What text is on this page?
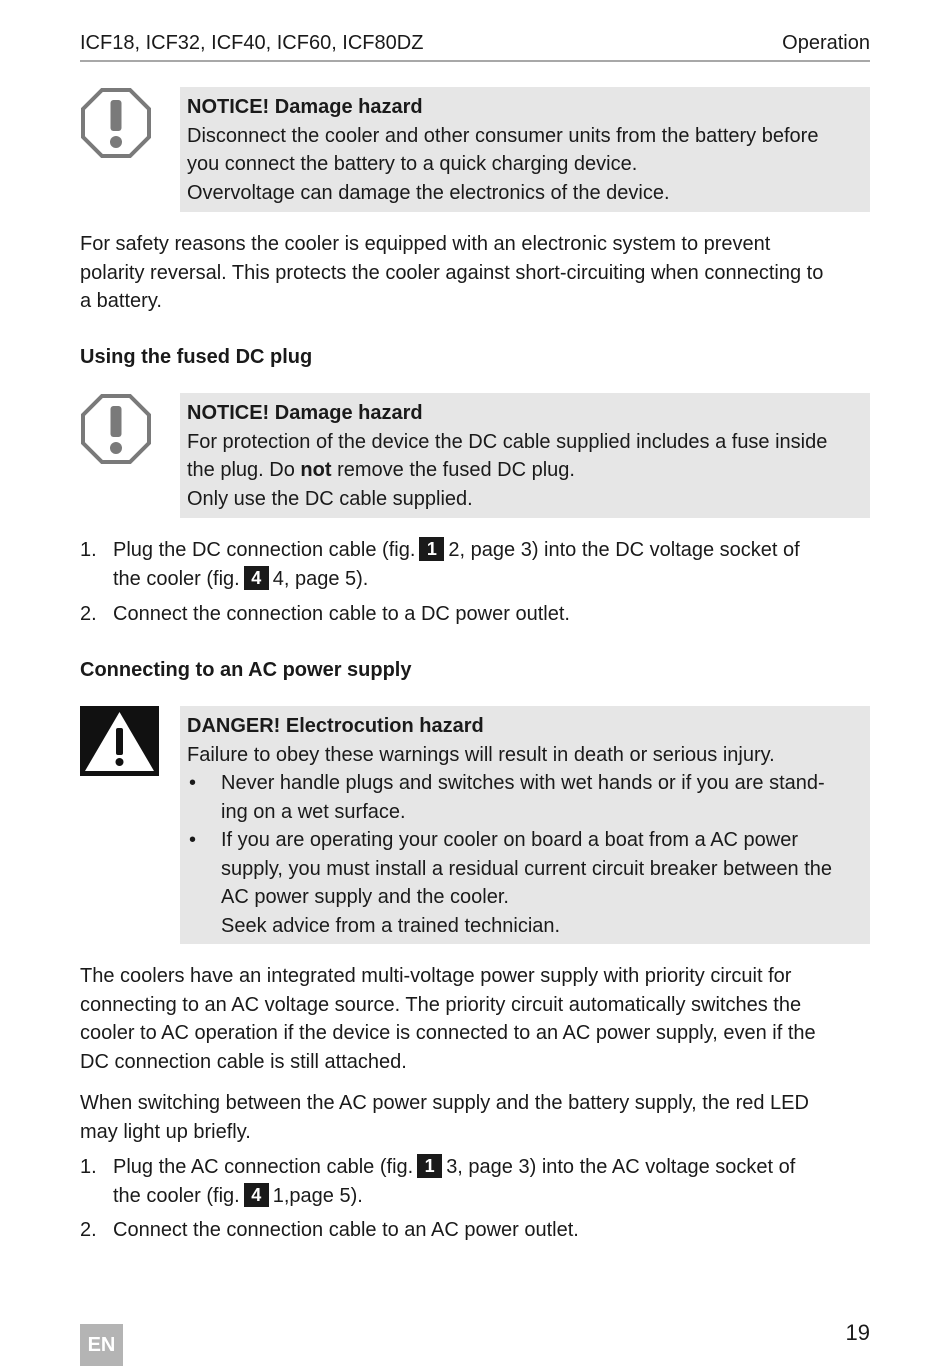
ICF18, ICF32, ICF40, ICF60, ICF80DZ	Operation
NOTICE! Damage hazard
Disconnect the cooler and other consumer units from the battery before
you connect the battery to a quick charging device.
Overvoltage can damage the electronics of the device.
For safety reasons the cooler is equipped with an electronic system to prevent
polarity reversal. This protects the cooler against short-circuiting when connecting to
a battery.
Using the fused DC plug
NOTICE! Damage hazard
For protection of the device the DC cable supplied includes a fuse inside
the plug. Do not remove the fused DC plug.
Only use the DC cable supplied.
1. Plug the DC connection cable (fig. 1 2, page 3) into the DC voltage socket of
the cooler (fig. 4 4, page 5).
2. Connect the connection cable to a DC power outlet.
Connecting to an AC power supply
DANGER! Electrocution hazard
Failure to obey these warnings will result in death or serious injury.
• Never handle plugs and switches with wet hands or if you are stand-
ing on a wet surface.
• If you are operating your cooler on board a boat from a AC power
supply, you must install a residual current circuit breaker between the
AC power supply and the cooler.
Seek advice from a trained technician.
The coolers have an integrated multi-voltage power supply with priority circuit for
connecting to an AC voltage source. The priority circuit automatically switches the
cooler to AC operation if the device is connected to an AC power supply, even if the
DC connection cable is still attached.
When switching between the AC power supply and the battery supply, the red LED
may light up briefly.
1. Plug the AC connection cable (fig. 1 3, page 3) into the AC voltage socket of
the cooler (fig. 4 1,page 5).
2. Connect the connection cable to an AC power outlet.
EN	19
